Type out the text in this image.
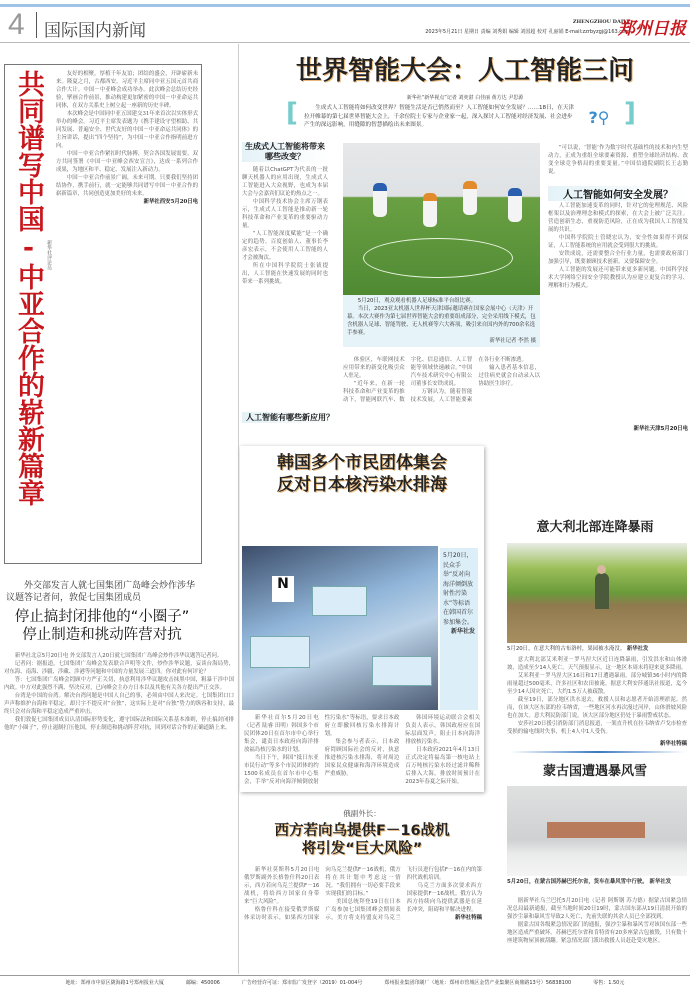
4 国际国内新闻	ZHENGZHOU DAILY
2023年5月21日 星期日 责编 刘秀娟 编辑 刘国超 校对 孔丽娟 E-mail:zzrbyzgj@163.com
郑州日报
共同谱写中国-中亚合作的崭新篇章 新华社评论员

友好的相聚，厚植千年友谊；团结的盛会，开辟崭新未来。隆夏之月，古都西安，习近平主席同中亚五国元首共商合作大计。中国－中亚峰会成功举办。此次峰会总结历史经验，擘画合作前景，推动构建更加紧密的中国－中亚命运共同体，在双方关系史上树立起一座新的历史丰碑。

本次峰会是中国同中亚五国建交31年来首次以实体形式举办的峰会。习近平主席发表题为《携手建设守望相助、共同发展、普遍安全、世代友好的中国－中亚命运共同体》的主旨讲话，提出“四个坚持”，为中国－中亚合作指明前进方向。

中国－中亚合作紧扣时代脉搏，契合各国发展需要。双方共同签署《中国－中亚峰会西安宣言》，达成一系列合作成果，为地区和平、稳定、发展注入新动力。

中国－中亚合作前景广阔，未来可期。只要我们坚持团结协作，携手前行，就一定能够共同谱写中国－中亚合作的崭新篇章，共同创造更加美好的未来。

新华社西安5月20日电

外交部发言人就七国集团广岛峰会炒作涉华议题答记者问，敦促七国集团成员
停止搞封闭排他的“小圈子”
停止制造和挑动阵营对抗

新华社北京5月20日电 外交部发言人20日就七国集团广岛峰会炒作涉华议题答记者问。

记者问：据报道，七国集团广岛峰会发表联合声明等文件，炒作涉华议题，妄谈台海局势，对东海、南海、涉疆、涉藏、涉港等问题和中国的力量发展三道四。你对此有何评论？

答：七国集团广岛峰会罔顾中方严正关切，执意利用涉华议题攻击抹黑中国，粗暴干涉中国内政。中方对此强烈不满、坚决反对，已向峰会主办方日本以及其他有关各方提出严正交涉。

台湾是中国的台湾。解决台湾问题是中国人自己的事，必须由中国人来决定。七国集团口口声声称维护台海和平稳定，却只字不提反对“台独”，这实际上是对“台独”势力的纵容和支持，最终只会对台海和平稳定造成严重冲击。

我们敦促七国集团成员认清国际形势变化，遵守国际法和国际关系基本准则，停止搞封闭排他的“小圈子”，停止遏制打压他国，停止制造和挑动阵营对抗，回到对话合作的正确道路上来。

世界智能大会：人工智能三问
新华社“新华视点”记者 刘奕湛 白佳丽 黄方达 尹思源
[	生成式人工智能将如何改变世界？智能生活是否已悄然而至？人工智能如何安全发展？……18日，在天津拉开帷幕的第七届世界智能大会上，千余位院士专家与企业家一起，深入探讨人工智能对经济发展、社会进步产生的深远影响，用缝隙的智慧描绘出未来图景。	?⚲ ]
生成式人工智能将带来哪些改变？

随着以ChatGPT为代表的一批聊天机器人的应用出现，生成式人工智能进入大众视野，也成为本届大会与会嘉宾们议论的热点之一。

中国科学技术协会主席万钢表示，生成式人工智能是推动新一轮科技革命和产业变革的重要驱动力量。

“人工智能深度赋能”是一个确定的趋势。百度创始人、董事长李彦宏表示，不会使用人工智能的人才会被淘汰。

所在中国科学院院士张钹提出，人工智能在快速发展的同时也带来一系列挑战。

5月20日，观众观看机器人足球标准平台组比赛。
当日，2023亚太机器人世界杯天津国际邀请赛在国家会展中心（天津）开幕。本次大赛作为第七届世界智能大会的重要组成部分，完全采用线下模式，包含机器人足球、智能驾驶、无人机赛等六大赛项，吸引来自国内外的700余名选手参赛。
新华社记者 李然 摄
人工智能如何安全发展？

“可以说，‘智能’作为数字时代基础性的技术和内生型动力，正成为重组全球要素资源、重塑全球经济结构、改变全球竞争格局的重要变量。”中国信通院副院长王志勤说。

人工智能加速变革的同时，针对它的伦理规范、风险框架以及治理理念和模式的探索，在大会上被广泛关注。营造创新生态，重视防范风险，正在成为我国人工智能发展的共识。

中国科学院院士管晓宏认为，安全性如果得不到保证，人工智能系统的应用就会受到很大的挑战。

安铁成说，还需要整合全行业力量，也需要政府部门加强引导，既要兼顾技术创新，又要保障安全。

人工智能的发展还可能带来更多新问题。中国科学技术大学网络空间安全学院教授认为应建立更复合的学习、理解和行为模式。

新华社天津5月20日电
人工智能有哪些新应用？

体验区，车联网技术应用带来的新变化吸引众人驻足。

“近年来，在新一轮科技革命和产业变革的推动下，智能网联汽车、数字化、信息通信、人工智能等领域快速融合。”中国汽车技术研究中心有限公司董事长安铁成说。

万钢认为，随着智能技术发展，人工智能要素在各行业不断渗透。

输入患者基本信息，过往病史就会自动录入以协助医生诊疗。

韩国多个市民团体集会
反对日本核污染水排海
N
5月20日，民众手举“反对向海洋倾倒放射性污染水”等标语在韩国首尔参加集会。
新华社发

新华社首尔5月20日电（记者 陆睿 田明）韩国多个市民团体20日在首尔市中心举行集会，谴责日本政府向海洋排放福岛核污染水的计划。

当日下午，韩国“抵日东亚市民行动”等多个市民团体的约1500名成员在首尔市中心集会，手举“反对向海洋倾倒放射性污染水”等标语，要求日本政府立即撤回核污染水排海计划。

集会参与者表示，日本政府罔顾国际社会的反对，执意推进核污染水排海，将对周边国家民众健康和海洋环境造成严重威胁。

韩国环境运动联合会相关负责人表示，韩国政府应在国际层面发声，阻止日本向海洋排放核污染水。

日本政府2021年4月13日正式决定将福岛第一核电站上百万吨核污染水经过滤并稀释后排入大海，排放时间预计在2023年春夏之际开始。

意大利北部连降暴雨
5月20日，在意大利的古布洛村，果园被水淹没。 新华社发

意大利北部艾米利亚－罗马涅大区近日连降暴雨，引发洪水和山体滑坡，造成至少14人死亡。天气预报显示，这一地区本周末将迎来更多降雨。

艾米利亚－罗马涅大区16日和17日遭遇暴雨，部分城镇36小时内的降雨量超过500毫米，许多社区和农田被淹。据意大利安莎通讯社报道，迄今至少14人因灾死亡，大约1.5万人被疏散。

截至19日，部分地区洪水退去，救援人员和志愿者开始清理淤泥。然而，在该大区东部的拉韦纳省，一些地区河水再次漫过河岸，山体滑坡风险也在加大。意大利民防部门说，该大区部分地区仍处于暴雨警戒状态。

安莎社20日援引消防部门消息报道，一架直升机在拉韦纳省卢戈市检查受损的输电线时失事，机上4人中1人受伤。

新华社特稿
蒙古国遭遇暴风雪
5月20日，在蒙古国苏赫巴托尔省，货车在暴风雪中行驶。 新华社发

据新华社乌兰巴托5月20日电（记者 阿斯钢 苏力德）据蒙古国紧急情况总局最新通报，截至当地时间20日19时，蒙古国东部从19日清晨开始的强沙尘暴和暴风雪导致2人死亡，先前失联的其余人员已全部找到。

据蒙古国各级紧急情况部门的通报，强沙尘暴和暴风雪对该国东部一些地区造成严重破坏。苏赫巴托尔省和肯特省有20多座蒙古包被毁，只有数十座建筑物屋顶被刮翻。紧急情况部门派出救援人员赶赴受灾地区。

俄副外长：
西方若向乌提供F－16战机
将引发“巨大风险”

新华社莫斯科5月20日电 俄罗斯副外长格鲁什科20日表示，西方若向乌克兰提供F－16战机，将给西方国家自身带来“巨大风险”。

格鲁什科在接受俄罗斯媒体采访时表示，如果西方国家向乌克兰提供F－16战机，俄方将在其计划中考虑这一情况。“我们拥有一切必要手段来实现我们的目标。”

美国总统拜登19日在日本广岛参加七国集团峰会期间表示，美方将支持盟友对乌克兰飞行员进行包括F－16在内的第四代战机培训。

乌克兰方面多次要求西方国家提供F－16战机。俄方认为西方持续向乌提供武器是在延长冲突，阻碍和平解决进程。

新华社特稿

地址：郑州市中原区陇海路1号郑州报业大厦	邮编：450006	广告经营许可证：郑市监广发登字（2019）01-004号	郑州报业集团印刷厂（地址：郑州市管城区金岱产业集聚区商鼎路13号）56838100	零售：1.50元
